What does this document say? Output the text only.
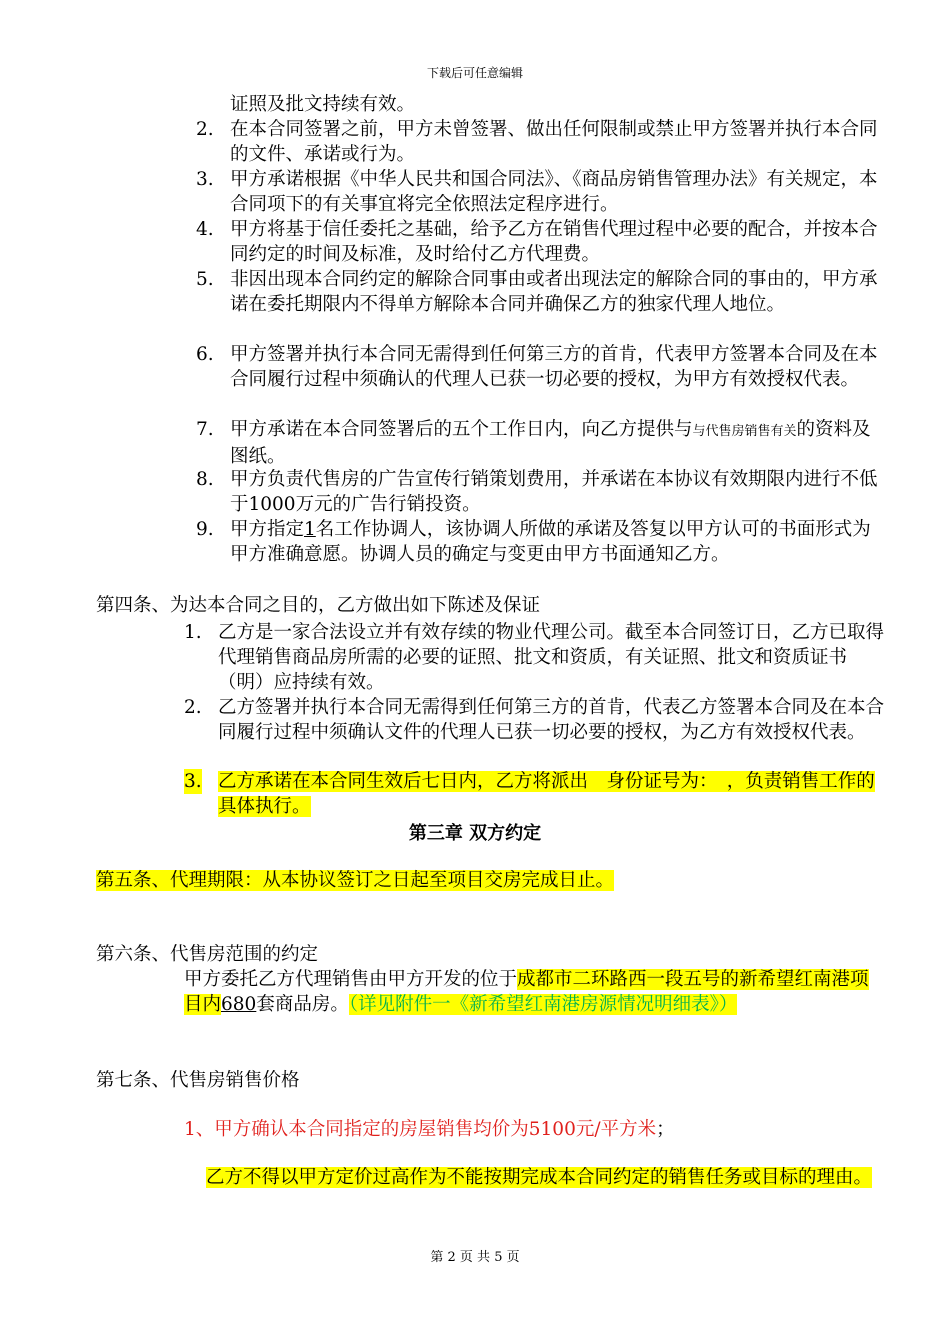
下载后可任意编辑
证照及批文持续有效。
2. 在本合同签署之前，甲方未曾签署、做出任何限制或禁止甲方签署并执行本合同的文件、承诺或行为。
3. 甲方承诺根据《中华人民共和国合同法》、《商品房销售管理办法》有关规定，本合同项下的有关事宜将完全依照法定程序进行。
4. 甲方将基于信任委托之基础，给予乙方在销售代理过程中必要的配合，并按本合同约定的时间及标准，及时给付乙方代理费。
5. 非因出现本合同约定的解除合同事由或者出现法定的解除合同的事由的，甲方承诺在委托期限内不得单方解除本合同并确保乙方的独家代理人地位。
6. 甲方签署并执行本合同无需得到任何第三方的首肯，代表甲方签署本合同及在本合同履行过程中须确认的代理人已获一切必要的授权，为甲方有效授权代表。
7. 甲方承诺在本合同签署后的五个工作日内，向乙方提供与与代售房销售有关的资料及图纸。
8. 甲方负责代售房的广告宣传行销策划费用，并承诺在本协议有效期限内进行不低于1000万元的广告行销投资。
9. 甲方指定1名工作协调人，该协调人所做的承诺及答复以甲方认可的书面形式为甲方准确意愿。协调人员的确定与变更由甲方书面通知乙方。
第四条、为达本合同之目的，乙方做出如下陈述及保证
1. 乙方是一家合法设立并有效存续的物业代理公司。截至本合同签订日，乙方已取得代理销售商品房所需的必要的证照、批文和资质，有关证照、批文和资质证书（明）应持续有效。
2. 乙方签署并执行本合同无需得到任何第三方的首肯，代表乙方签署本合同及在本合同履行过程中须确认文件的代理人已获一切必要的授权，为乙方有效授权代表。
3. 乙方承诺在本合同生效后七日内，乙方将派出　身份证号为：　，负责销售工作的具体执行。
第三章 双方约定
第五条、代理期限：从本协议签订之日起至项目交房完成日止。
第六条、代售房范围的约定
甲方委托乙方代理销售由甲方开发的位于成都市二环路西一段五号的新希望红南港项目内680套商品房。（详见附件一《新希望红南港房源情况明细表》）
第七条、代售房销售价格
1、甲方确认本合同指定的房屋销售均价为5100元/平方米；
乙方不得以甲方定价过高作为不能按期完成本合同约定的销售任务或目标的理由。
第 2 页 共 5 页
